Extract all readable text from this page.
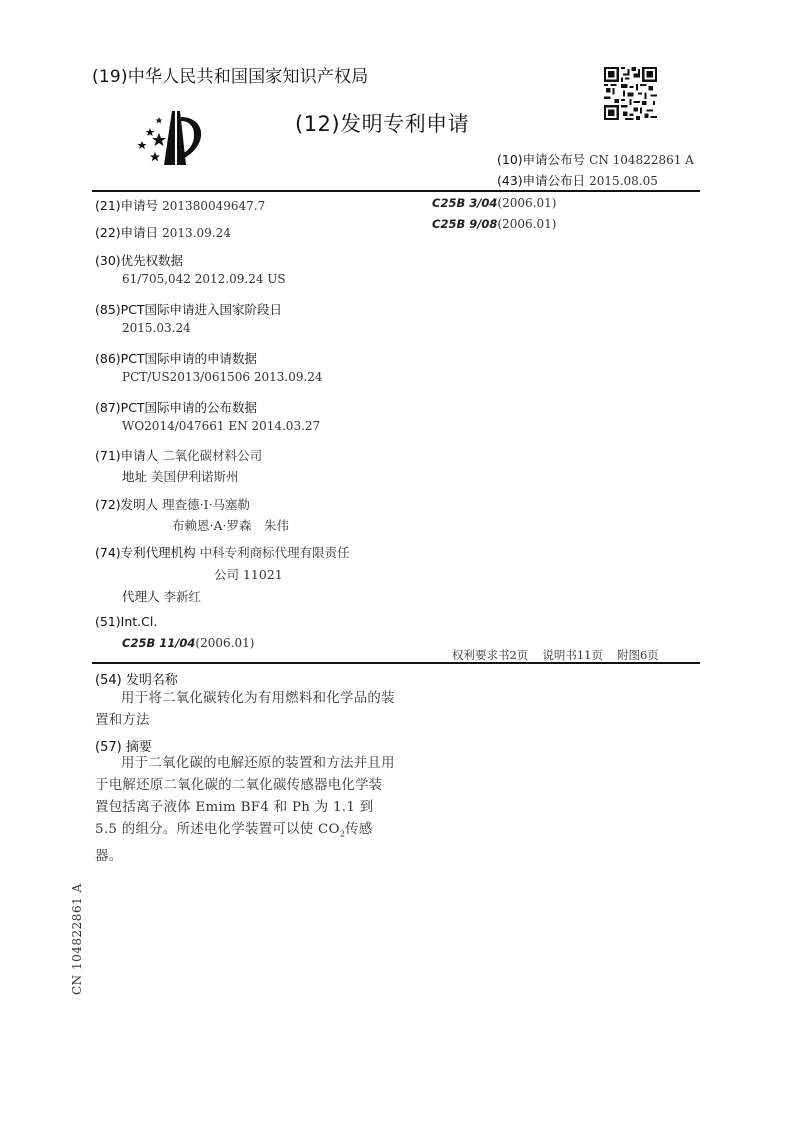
(19)中华人民共和国国家知识产权局
(12)发明专利申请
(10)申请公布号 CN 104822861 A
(43)申请公布日 2015.08.05
(21)申请号 201380049647.7
(22)申请日 2013.09.24
(30)优先权数据
61/705,042 2012.09.24 US
(85)PCT国际申请进入国家阶段日
2015.03.24
(86)PCT国际申请的申请数据
PCT/US2013/061506 2013.09.24
(87)PCT国际申请的公布数据
WO2014/047661 EN 2014.03.27
(71)申请人 二氧化碳材料公司
地址 美国伊利诺斯州
(72)发明人 理查德·I·马塞勒
布赖恩·A·罗森　朱伟
(74)专利代理机构 中科专利商标代理有限责任
公司 11021
代理人 李新红
(51)Int.Cl.
C25B 11/04(2006.01)
C25B 3/04(2006.01)
C25B 9/08(2006.01)
权利要求书2页 说明书11页 附图6页
(54) 发明名称
用于将二氧化碳转化为有用燃料和化学品的装置和方法
(57) 摘要
用于二氧化碳的电解还原的装置和方法并且用于电解还原二氧化碳的二氧化碳传感器电化学装置包括离子液体 Emim BF4 和 Ph 为 1.1 到 5.5 的组分。所述电化学装置可以使 $CO_2$传感器。
CN 104822861 A
